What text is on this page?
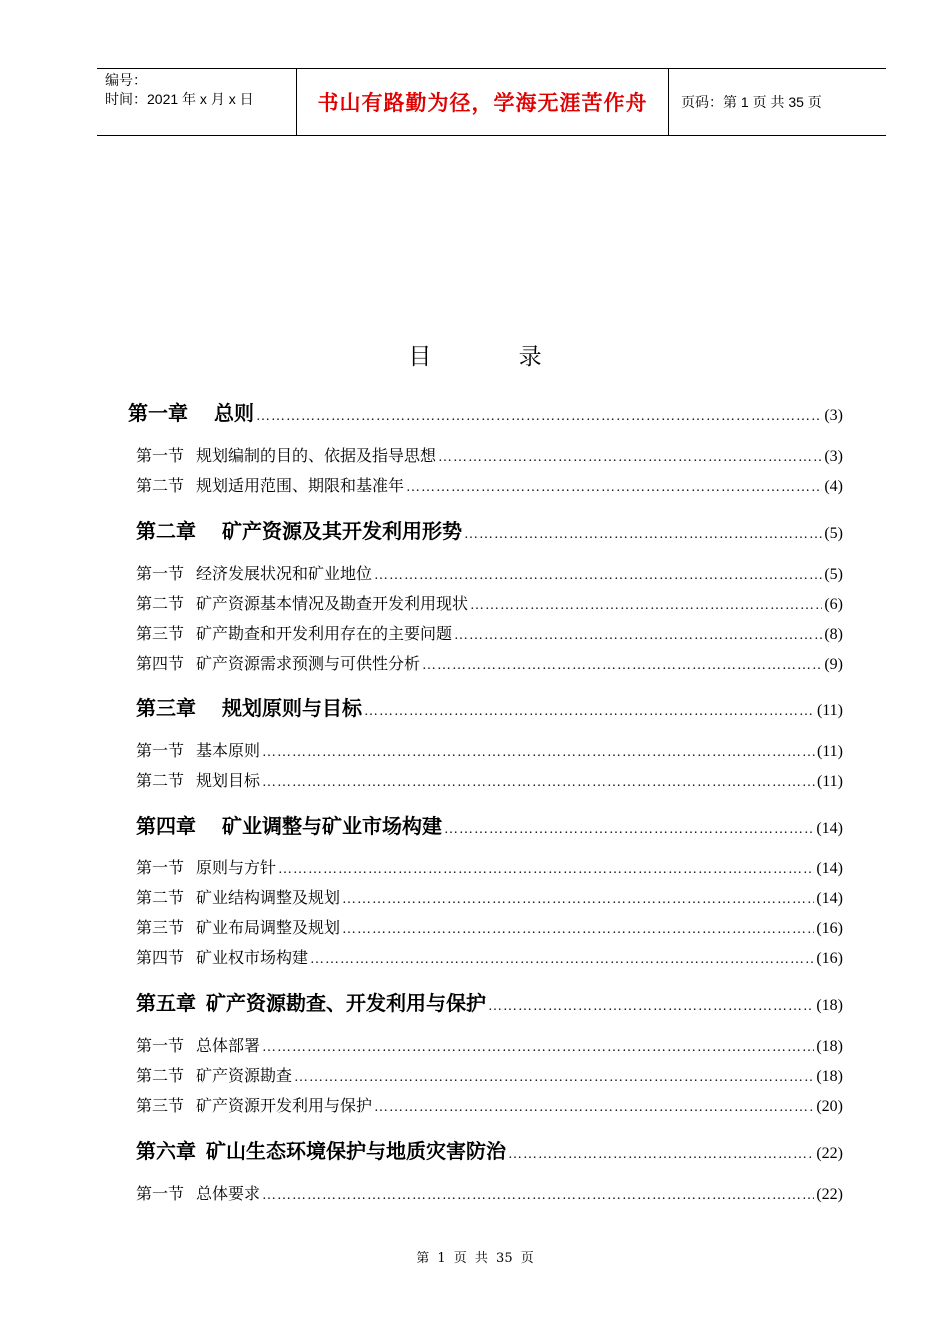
编号：
时间：2021 年 x 月 x 日	书山有路勤为径，学海无涯苦作舟	页码：第 1 页 共 35 页
目 录
第一章 总则 …………………………………………………………………………………………………………………………………………………………………………………………………………	(3)
第一节 规划编制的目的、依据及指导思想 …………………………………………………………………………………………………………………………………………………………………………………………………………	(3)
第二节 规划适用范围、期限和基准年 …………………………………………………………………………………………………………………………………………………………………………………………………………	(4)
第二章 矿产资源及其开发利用形势 …………………………………………………………………………………………………………………………………………………………………………………………………………	(5)
第一节 经济发展状况和矿业地位 …………………………………………………………………………………………………………………………………………………………………………………………………………	(5)
第二节 矿产资源基本情况及勘查开发利用现状 …………………………………………………………………………………………………………………………………………………………………………………………………………	(6)
第三节 矿产勘查和开发利用存在的主要问题 …………………………………………………………………………………………………………………………………………………………………………………………………………	(8)
第四节 矿产资源需求预测与可供性分析 …………………………………………………………………………………………………………………………………………………………………………………………………………	(9)
第三章 规划原则与目标 …………………………………………………………………………………………………………………………………………………………………………………………………………	(11)
第一节 基本原则 …………………………………………………………………………………………………………………………………………………………………………………………………………	(11)
第二节 规划目标 …………………………………………………………………………………………………………………………………………………………………………………………………………	(11)
第四章 矿业调整与矿业市场构建 …………………………………………………………………………………………………………………………………………………………………………………………………………	(14)
第一节 原则与方针 …………………………………………………………………………………………………………………………………………………………………………………………………………	(14)
第二节 矿业结构调整及规划 …………………………………………………………………………………………………………………………………………………………………………………………………………	(14)
第三节 矿业布局调整及规划 …………………………………………………………………………………………………………………………………………………………………………………………………………	(16)
第四节 矿业权市场构建 …………………………………………………………………………………………………………………………………………………………………………………………………………	(16)
第五章 矿产资源勘查、开发利用与保护 …………………………………………………………………………………………………………………………………………………………………………………………………………	(18)
第一节 总体部署 …………………………………………………………………………………………………………………………………………………………………………………………………………	(18)
第二节 矿产资源勘查 …………………………………………………………………………………………………………………………………………………………………………………………………………	(18)
第三节 矿产资源开发利用与保护 …………………………………………………………………………………………………………………………………………………………………………………………………………	(20)
第六章 矿山生态环境保护与地质灾害防治 …………………………………………………………………………………………………………………………………………………………………………………………………………	(22)
第一节 总体要求 …………………………………………………………………………………………………………………………………………………………………………………………………………	(22)
第 1 页 共 35 页
